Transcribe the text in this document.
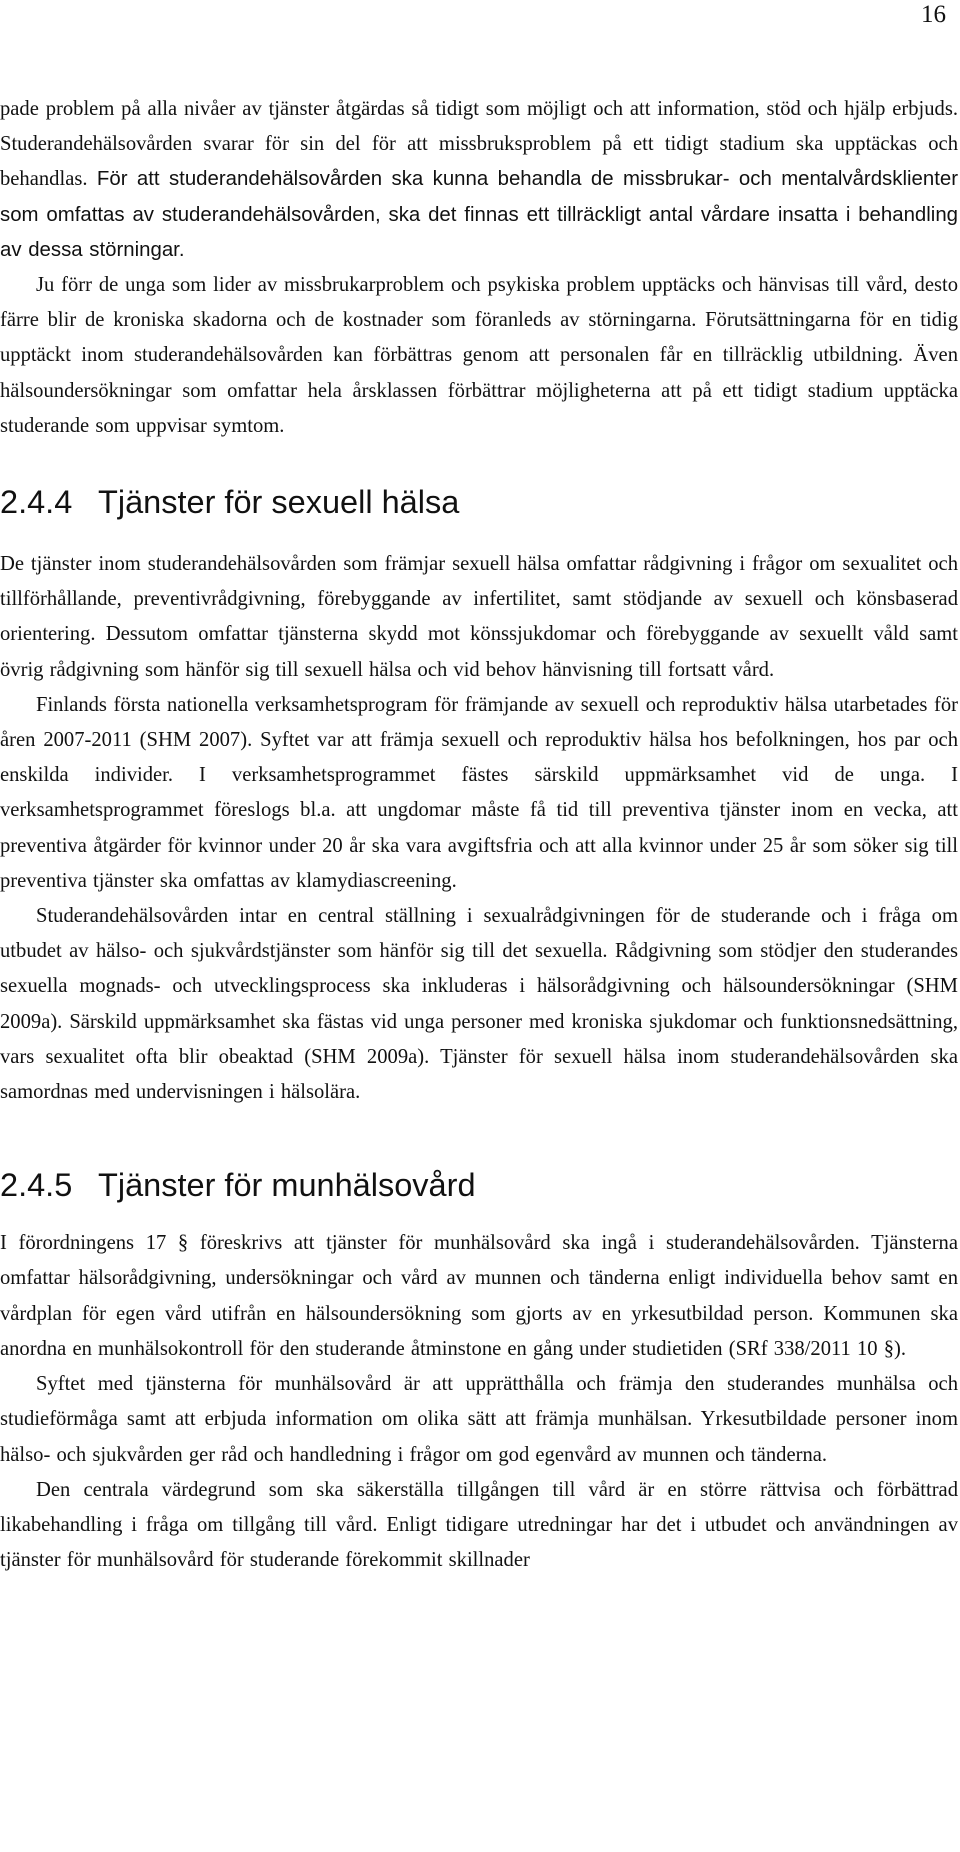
16

pade problem på alla nivåer av tjänster åtgärdas så tidigt som möjligt och att information, stöd och hjälp erbjuds. Studerandehälsovården svarar för sin del för att missbruksproblem på ett tidigt stadium ska upptäckas och behandlas. För att studerandehälsovården ska kunna behandla de missbrukar- och mentalvårdsklienter som omfattas av studerandehälsovården, ska det finnas ett tillräckligt antal vårdare insatta i behandling av dessa störningar.

Ju förr de unga som lider av missbrukarproblem och psykiska problem upptäcks och hänvisas till vård, desto färre blir de kroniska skadorna och de kostnader som föranleds av störningarna. Förutsättningarna för en tidig upptäckt inom studerandehälsovården kan förbättras genom att personalen får en tillräcklig utbildning. Även hälsoundersökningar som omfattar hela årsklassen förbättrar möjligheterna att på ett tidigt stadium upptäcka studerande som uppvisar symtom.

2.4.4 Tjänster för sexuell hälsa

De tjänster inom studerandehälsovården som främjar sexuell hälsa omfattar rådgivning i frågor om sexualitet och tillförhållande, preventivrådgivning, förebyggande av infertilitet, samt stödjande av sexuell och könsbaserad orientering. Dessutom omfattar tjänsterna skydd mot könssjukdomar och förebyggande av sexuellt våld samt övrig rådgivning som hänför sig till sexuell hälsa och vid behov hänvisning till fortsatt vård.

Finlands första nationella verksamhetsprogram för främjande av sexuell och reproduktiv hälsa utarbetades för åren 2007-2011 (SHM 2007). Syftet var att främja sexuell och reproduktiv hälsa hos befolkningen, hos par och enskilda individer. I verksamhetsprogrammet fästes särskild uppmärksamhet vid de unga. I verksamhetsprogrammet föreslogs bl.a. att ungdomar måste få tid till preventiva tjänster inom en vecka, att preventiva åtgärder för kvinnor under 20 år ska vara avgiftsfria och att alla kvinnor under 25 år som söker sig till preventiva tjänster ska omfattas av klamydiascreening.

Studerandehälsovården intar en central ställning i sexualrådgivningen för de studerande och i fråga om utbudet av hälso- och sjukvårdstjänster som hänför sig till det sexuella. Rådgivning som stödjer den studerandes sexuella mognads- och utvecklingsprocess ska inkluderas i hälsorådgivning och hälsoundersökningar (SHM 2009a). Särskild uppmärksamhet ska fästas vid unga personer med kroniska sjukdomar och funktionsnedsättning, vars sexualitet ofta blir obeaktad (SHM 2009a). Tjänster för sexuell hälsa inom studerandehälsovården ska samordnas med undervisningen i hälsolära.

2.4.5 Tjänster för munhälsovård

I förordningens 17 § föreskrivs att tjänster för munhälsovård ska ingå i studerandehälsovården. Tjänsterna omfattar hälsorådgivning, undersökningar och vård av munnen och tänderna enligt individuella behov samt en vårdplan för egen vård utifrån en hälsoundersökning som gjorts av en yrkesutbildad person. Kommunen ska anordna en munhälsokontroll för den studerande åtminstone en gång under studietiden (SRf 338/2011 10 §).

Syftet med tjänsterna för munhälsovård är att upprätthålla och främja den studerandes munhälsa och studieförmåga samt att erbjuda information om olika sätt att främja munhälsan. Yrkesutbildade personer inom hälso- och sjukvården ger råd och handledning i frågor om god egenvård av munnen och tänderna.

Den centrala värdegrund som ska säkerställa tillgången till vård är en större rättvisa och förbättrad likabehandling i fråga om tillgång till vård. Enligt tidigare utredningar har det i utbudet och användningen av tjänster för munhälsovård för studerande förekommit skillnader
